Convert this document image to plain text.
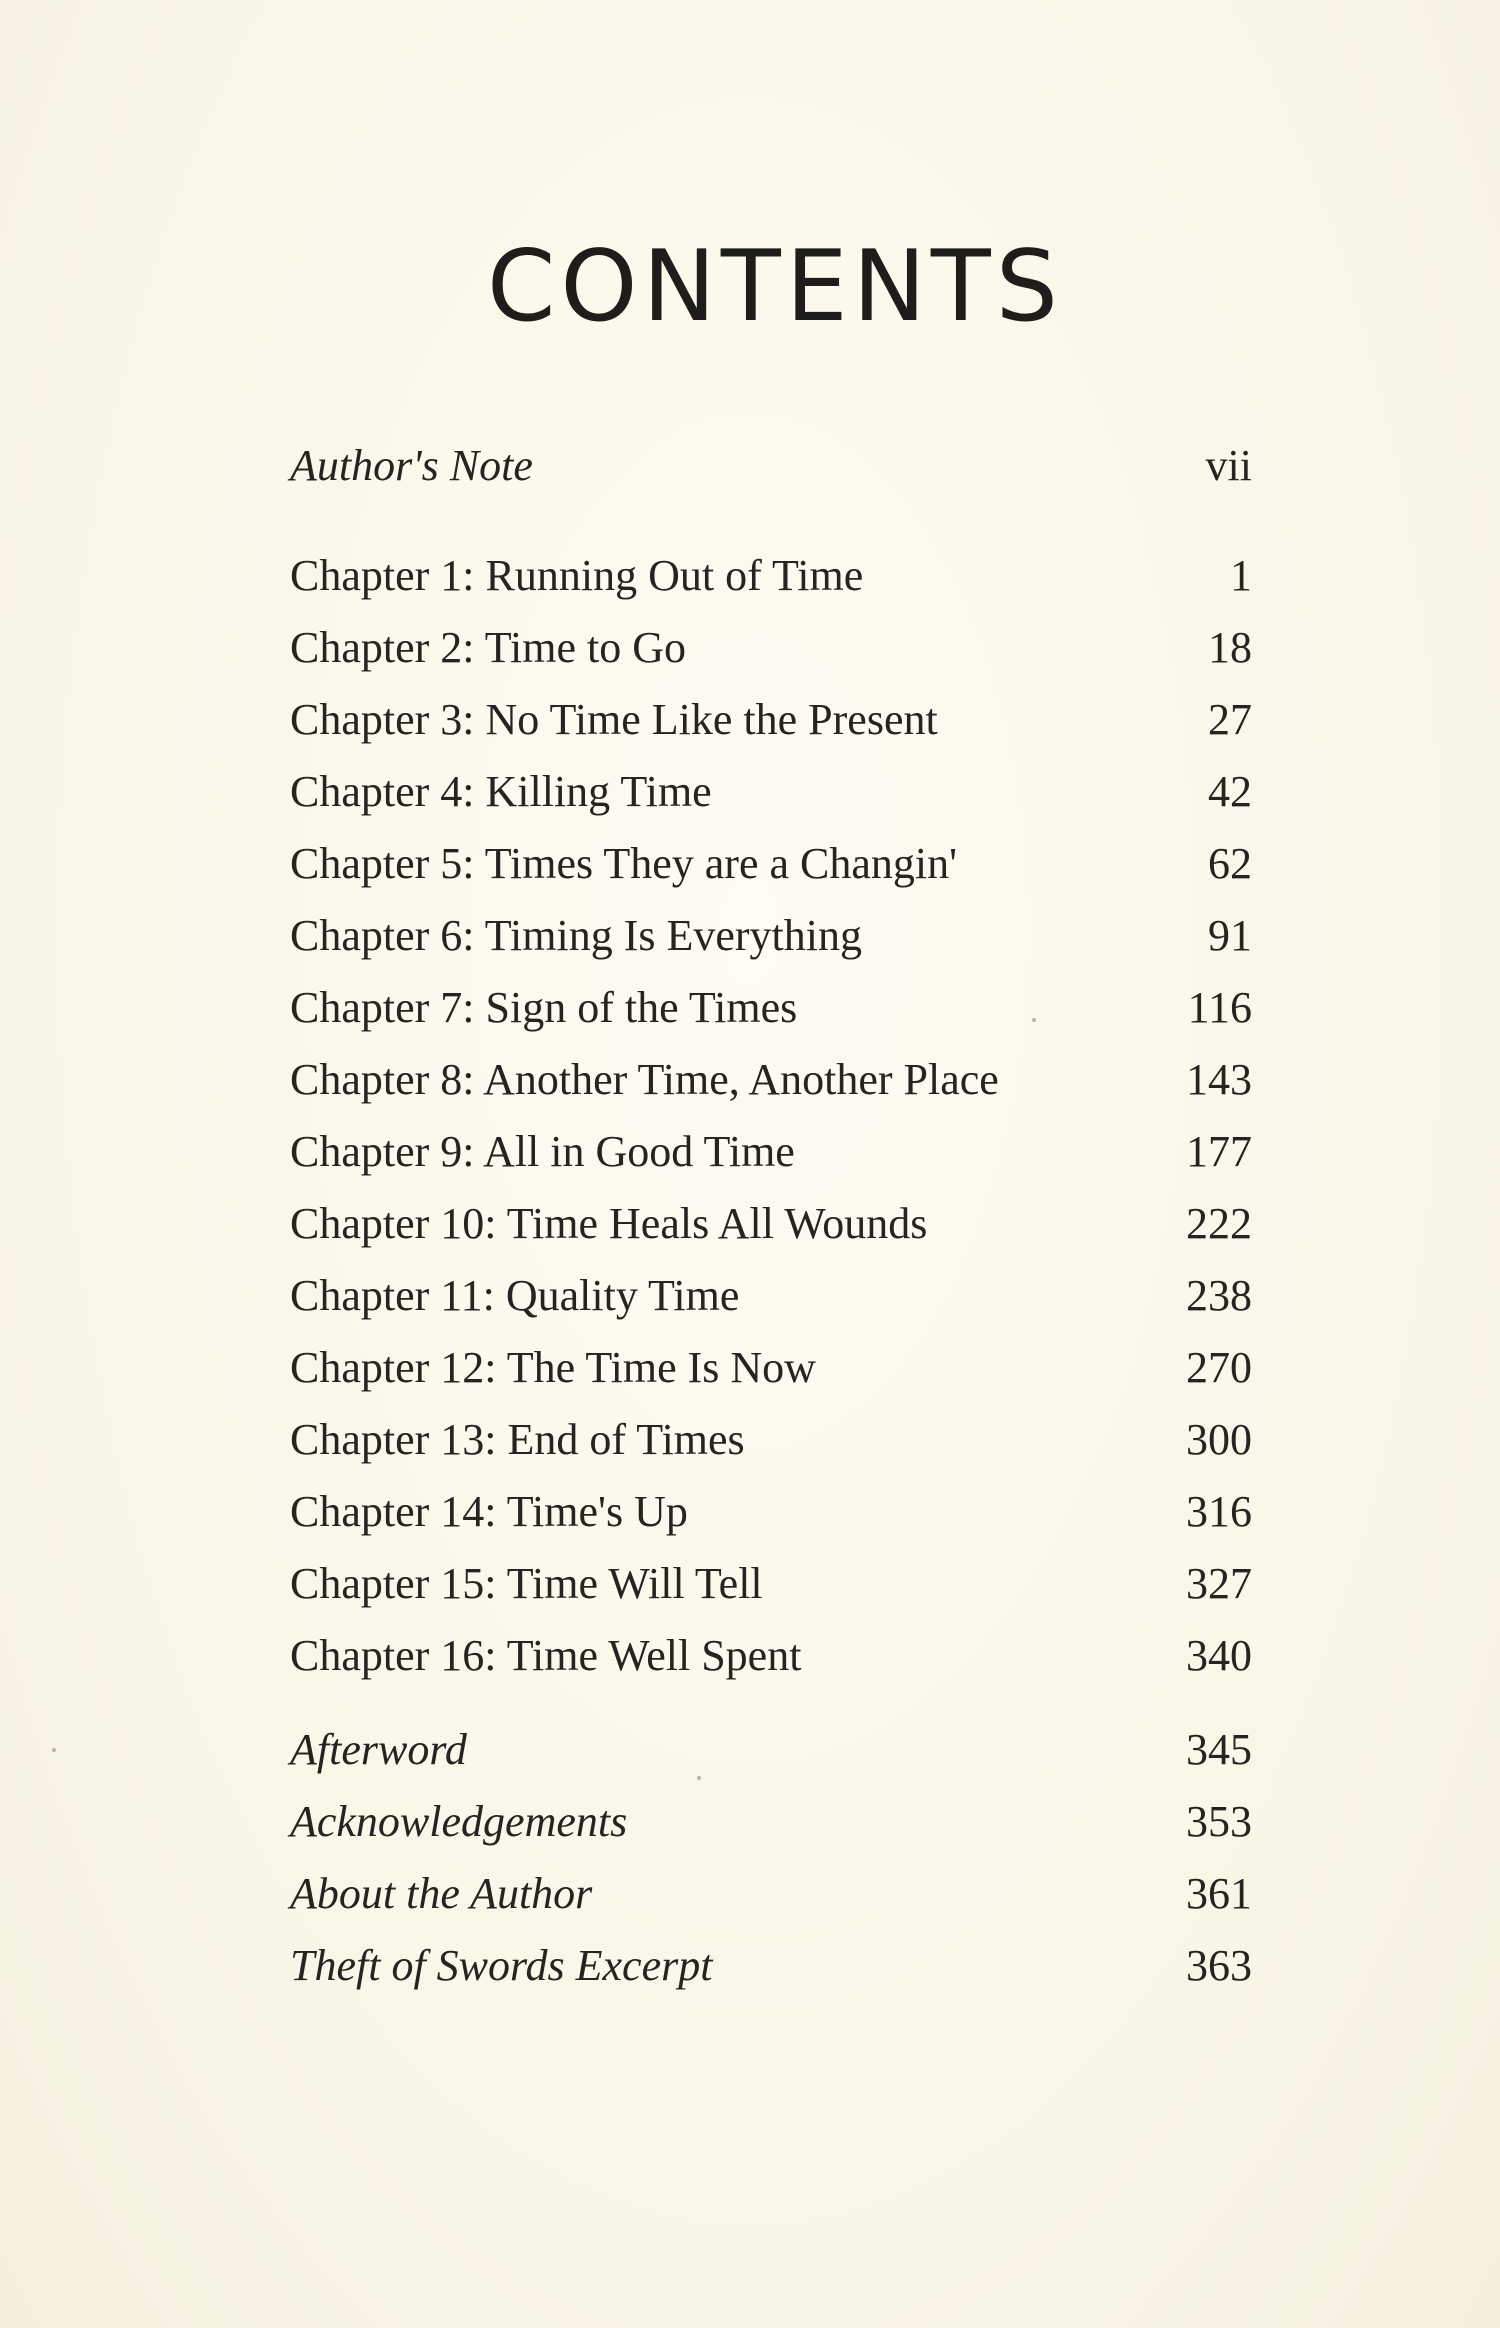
CONTENTS
Author's Note	vii
Chapter 1: Running Out of Time	1
Chapter 2: Time to Go	18
Chapter 3: No Time Like the Present	27
Chapter 4: Killing Time	42
Chapter 5: Times They are a Changin'	62
Chapter 6: Timing Is Everything	91
Chapter 7: Sign of the Times	116
Chapter 8: Another Time, Another Place	143
Chapter 9: All in Good Time	177
Chapter 10: Time Heals All Wounds	222
Chapter 11: Quality Time	238
Chapter 12: The Time Is Now	270
Chapter 13: End of Times	300
Chapter 14: Time's Up	316
Chapter 15: Time Will Tell	327
Chapter 16: Time Well Spent	340
Afterword	345
Acknowledgements	353
About the Author	361
Theft of Swords Excerpt	363
